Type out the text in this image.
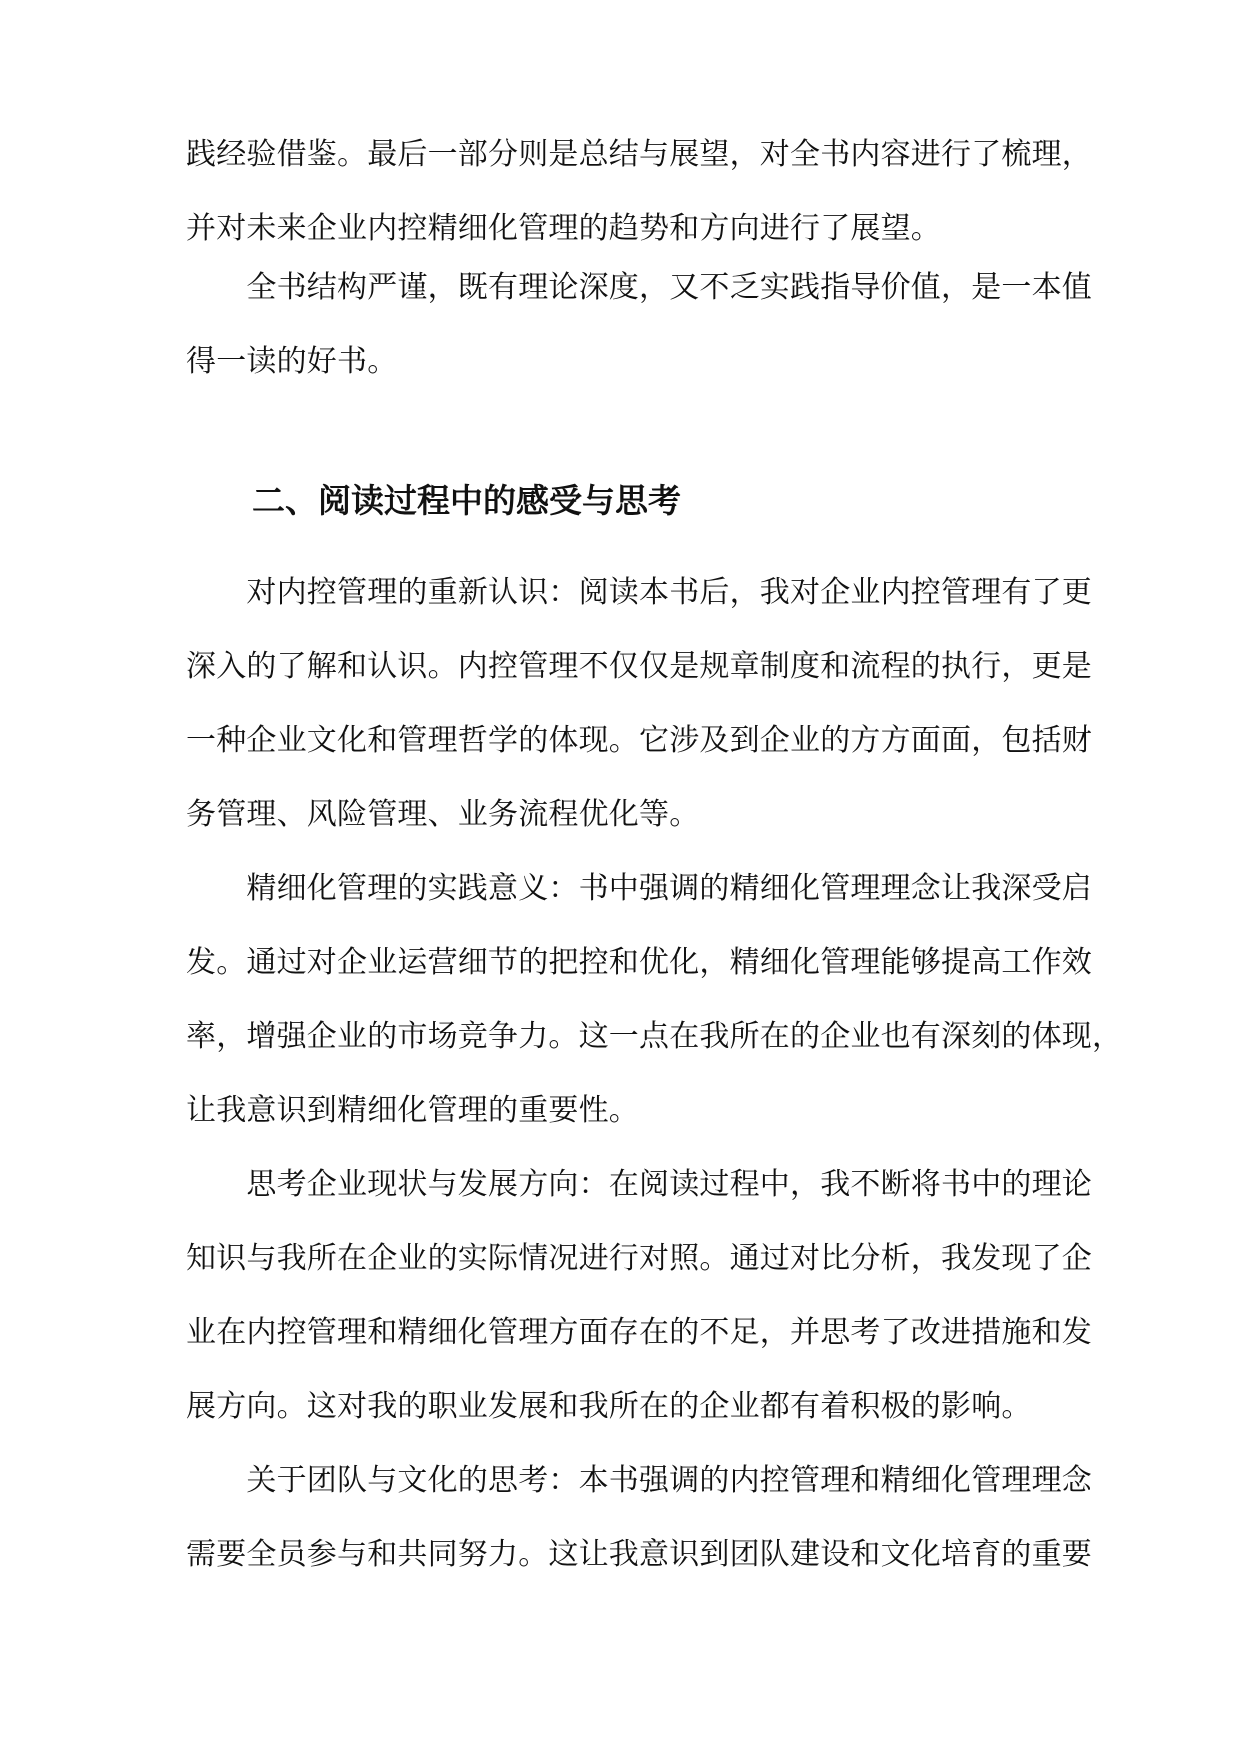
践经验借鉴。最后一部分则是总结与展望，对全书内容进行了梳理，
并对未来企业内控精细化管理的趋势和方向进行了展望。
　　全书结构严谨，既有理论深度，又不乏实践指导价值，是一本值
得一读的好书。
二、阅读过程中的感受与思考
　　对内控管理的重新认识：阅读本书后，我对企业内控管理有了更
深入的了解和认识。内控管理不仅仅是规章制度和流程的执行，更是
一种企业文化和管理哲学的体现。它涉及到企业的方方面面，包括财
务管理、风险管理、业务流程优化等。
　　精细化管理的实践意义：书中强调的精细化管理理念让我深受启
发。通过对企业运营细节的把控和优化，精细化管理能够提高工作效
率，增强企业的市场竞争力。这一点在我所在的企业也有深刻的体现，
让我意识到精细化管理的重要性。
　　思考企业现状与发展方向：在阅读过程中，我不断将书中的理论
知识与我所在企业的实际情况进行对照。通过对比分析，我发现了企
业在内控管理和精细化管理方面存在的不足，并思考了改进措施和发
展方向。这对我的职业发展和我所在的企业都有着积极的影响。
　　关于团队与文化的思考：本书强调的内控管理和精细化管理理念
需要全员参与和共同努力。这让我意识到团队建设和文化培育的重要
